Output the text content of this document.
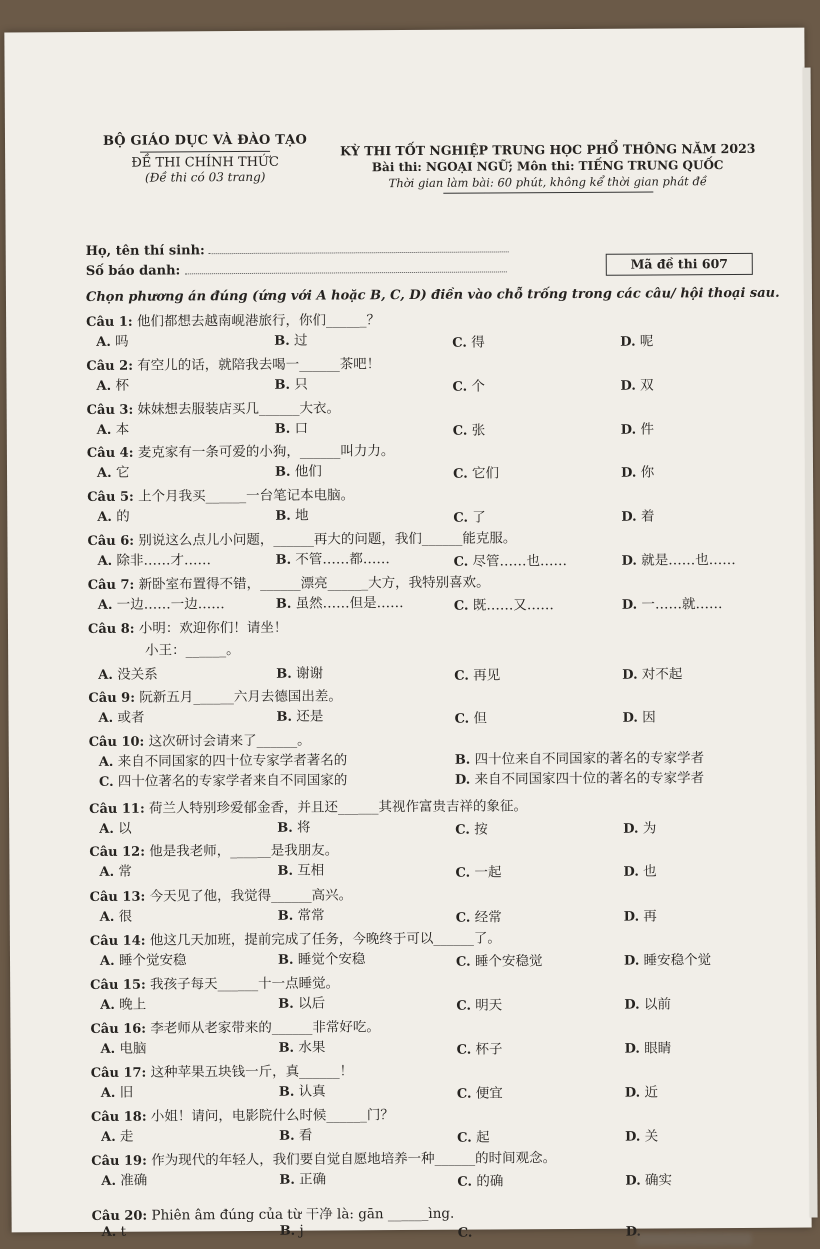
BỘ GIÁO DỤC VÀ ĐÀO TẠO
ĐỀ THI CHÍNH THỨC
(Đề thi có 03 trang)
KỲ THI TỐT NGHIỆP TRUNG HỌC PHỔ THÔNG NĂM 2023
Bài thi: NGOẠI NGỮ; Môn thi: TIẾNG TRUNG QUỐC
Thời gian làm bài: 60 phút, không kể thời gian phát đề
Họ, tên thí sinh:
Số báo danh:	Mã đề thi 607
Chọn phương án đúng (ứng với A hoặc B, C, D) điền vào chỗ trống trong các câu/ hội thoại sau.
Câu 1: 他们都想去越南岘港旅行，你们______？
A. 吗	B. 过	C. 得	D. 呢
Câu 2: 有空儿的话，就陪我去喝一______茶吧！
A. 杯	B. 只	C. 个	D. 双
Câu 3: 妹妹想去服装店买几______大衣。
A. 本	B. 口	C. 张	D. 件
Câu 4: 麦克家有一条可爱的小狗，______叫力力。
A. 它	B. 他们	C. 它们	D. 你
Câu 5: 上个月我买______一台笔记本电脑。
A. 的	B. 地	C. 了	D. 着
Câu 6: 别说这么点儿小问题，______再大的问题，我们______能克服。
A. 除非……才……	B. 不管……都……	C. 尽管……也……	D. 就是……也……
Câu 7: 新卧室布置得不错，______漂亮______大方，我特别喜欢。
A. 一边……一边……	B. 虽然……但是……	C. 既……又……	D. 一……就……
Câu 8: 小明：欢迎你们！请坐！
小王：______。
A. 没关系	B. 谢谢	C. 再见	D. 对不起
Câu 9: 阮新五月______六月去德国出差。
A. 或者	B. 还是	C. 但	D. 因
Câu 10: 这次研讨会请来了______。
A. 来自不同国家的四十位专家学者著名的	B. 四十位来自不同国家的著名的专家学者
C. 四十位著名的专家学者来自不同国家的	D. 来自不同国家四十位的著名的专家学者
Câu 11: 荷兰人特别珍爱郁金香，并且还______其视作富贵吉祥的象征。
A. 以	B. 将	C. 按	D. 为
Câu 12: 他是我老师，______是我朋友。
A. 常	B. 互相	C. 一起	D. 也
Câu 13: 今天见了他，我觉得______高兴。
A. 很	B. 常常	C. 经常	D. 再
Câu 14: 他这几天加班，提前完成了任务，今晚终于可以______了。
A. 睡个觉安稳	B. 睡觉个安稳	C. 睡个安稳觉	D. 睡安稳个觉
Câu 15: 我孩子每天______十一点睡觉。
A. 晚上	B. 以后	C. 明天	D. 以前
Câu 16: 李老师从老家带来的______非常好吃。
A. 电脑	B. 水果	C. 杯子	D. 眼睛
Câu 17: 这种苹果五块钱一斤，真______！
A. 旧	B. 认真	C. 便宜	D. 近
Câu 18: 小姐！请问，电影院什么时候______门？
A. 走	B. 看	C. 起	D. 关
Câu 19: 作为现代的年轻人，我们要自觉自愿地培养一种______的时间观念。
A. 准确	B. 正确	C. 的确	D. 确实
Câu 20: Phiên âm đúng của từ 干净 là: gān ______ìng.
A. t	B. j	C.	D.
